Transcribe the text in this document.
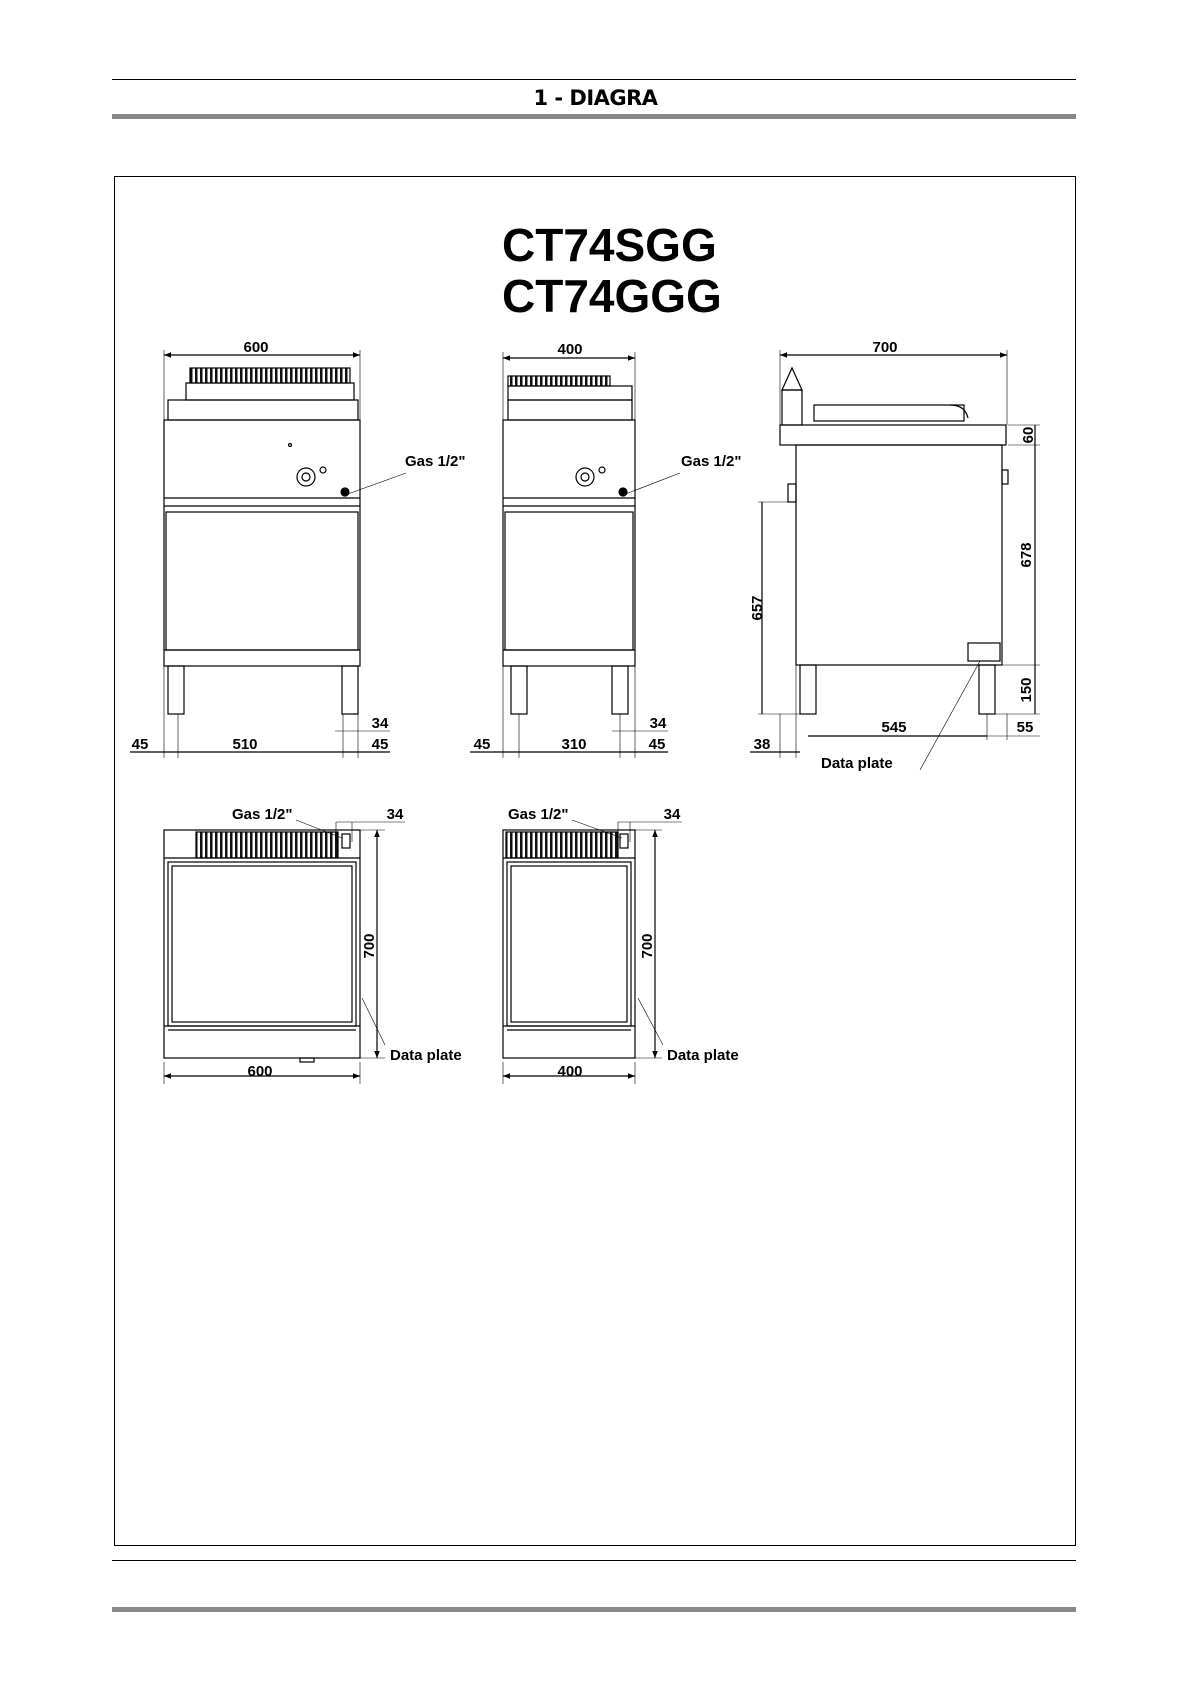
1 - DIAGRA
CT74SGG
CT74GGG
600
Gas 1/2"
34
45	510	45
400
Gas 1/2"
34
45	310	45
700
60
678
657
150
545	55
38
Data plate
Gas 1/2"	34
700
Data plate
600
Gas 1/2"	34
700
Data plate
400
